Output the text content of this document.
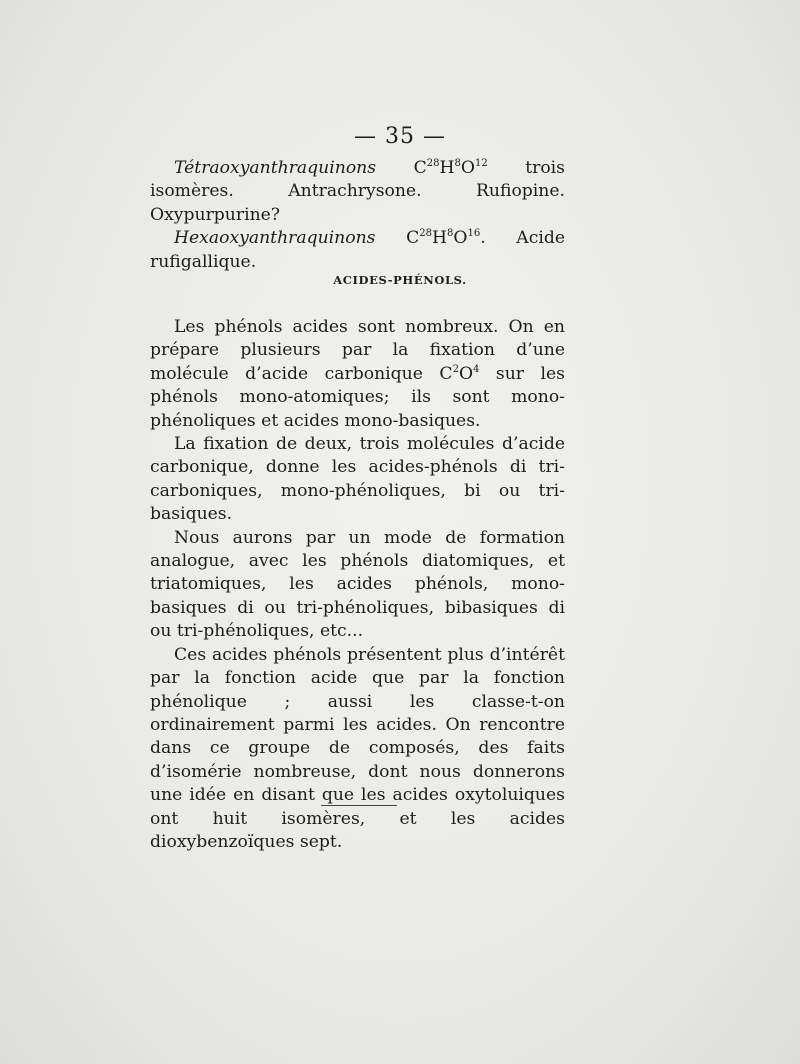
— 35 —

Tétraoxyanthraquinons $C^{28}H^8O^{12}$ trois isomères. Antrachrysone. Rufiopine. Oxypurpurine?

Hexaoxyanthraquinons $C^{28}H^8O^{16}$. Acide rufigallique.

ACIDES-PHÉNOLS.

Les phénols acides sont nombreux. On en prépare plusieurs par la fixation d’une molécule d’acide carbonique $C^2O^4$ sur les phénols mono-atomiques; ils sont mono-phénoliques et acides mono-basiques.

La fixation de deux, trois molécules d’acide carbonique, donne les acides-phénols di tri-carboniques, mono-phénoliques, bi ou tri-basiques.

Nous aurons par un mode de formation analogue, avec les phénols diatomiques, et triatomiques, les acides phénols, mono-basiques di ou tri-phénoliques, bibasiques di ou tri-phénoliques, etc...

Ces acides phénols présentent plus d’intérêt par la fonction acide que par la fonction phénolique ; aussi les classe-t-on ordinairement parmi les acides. On rencontre dans ce groupe de composés, des faits d’isomérie nombreuse, dont nous donnerons une idée en disant que les acides oxytoluiques ont huit isomères, et les acides dioxybenzoïques sept.
